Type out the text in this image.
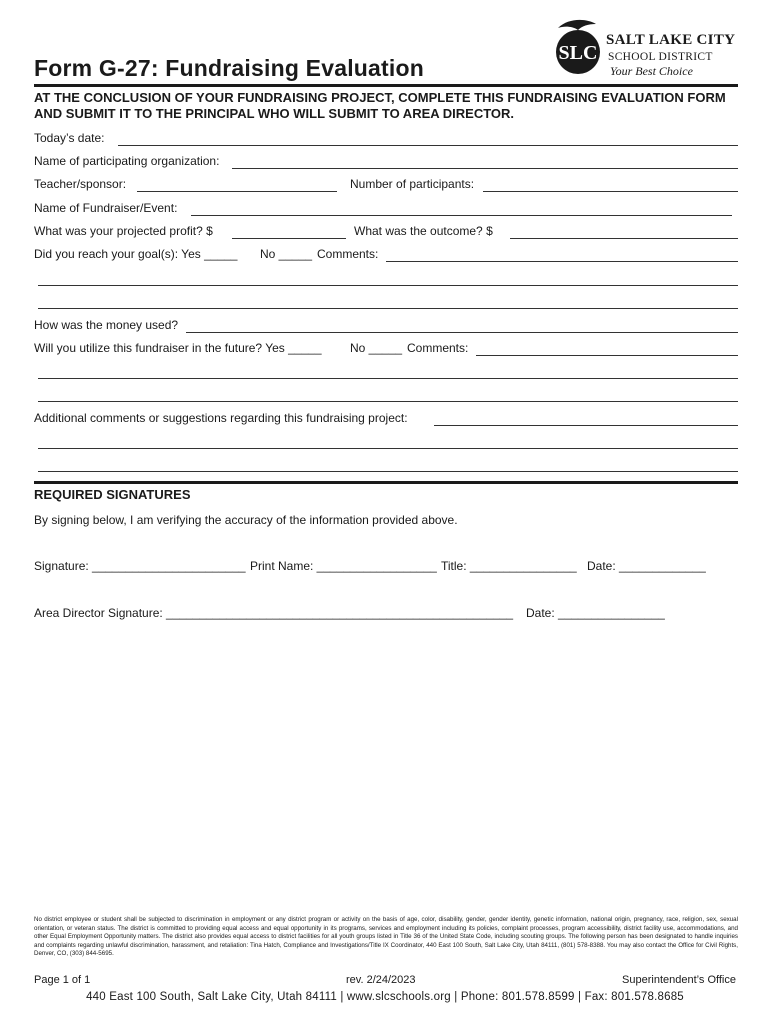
Form G-27: Fundraising Evaluation
SLC
SALT LAKE CITY
SCHOOL DISTRICT
Your Best Choice
AT THE CONCLUSION OF YOUR FUNDRAISING PROJECT, COMPLETE THIS FUNDRAISING EVALUATION FORM AND SUBMIT IT TO THE PRINCIPAL WHO WILL SUBMIT TO AREA DIRECTOR.
Today’s date:
Name of participating organization:
Teacher/sponsor:	Number of participants:
Name of Fundraiser/Event:
What was your projected profit? $	What was the outcome? $
Did you reach your goal(s): Yes _____ No _____ Comments:
How was the money used?
Will you utilize this fundraiser in the future? Yes _____ No _____ Comments:
Additional comments or suggestions regarding this fundraising project:
REQUIRED SIGNATURES
By signing below, I am verifying the accuracy of the information provided above.
Signature: _______________________ Print Name: __________________ Title: ________________ Date: _____________
Area Director Signature: ____________________________________________________ Date: ________________
No district employee or student shall be subjected to discrimination in employment or any district program or activity on the basis of age, color, disability, gender, gender identity, genetic information, national origin, pregnancy, race, religion, sex, sexual orientation, or veteran status. The district is committed to providing equal access and equal opportunity in its programs, services and employment including its policies, complaint processes, program accessibility, district facility use, accommodations, and other Equal Employment Opportunity matters. The district also provides equal access to district facilities for all youth groups listed in Title 36 of the United State Code, including scouting groups. The following person has been designated to handle inquiries and complaints regarding unlawful discrimination, harassment, and retaliation: Tina Hatch, Compliance and Investigations/Title IX Coordinator, 440 East 100 South, Salt Lake City, Utah 84111, (801) 578-8388. You may also contact the Office for Civil Rights, Denver, CO, (303) 844-5695.
Page 1 of 1	rev. 2/24/2023	Superintendent’s Office
440 East 100 South, Salt Lake City, Utah 84111 | www.slcschools.org | Phone: 801.578.8599 | Fax: 801.578.8685
